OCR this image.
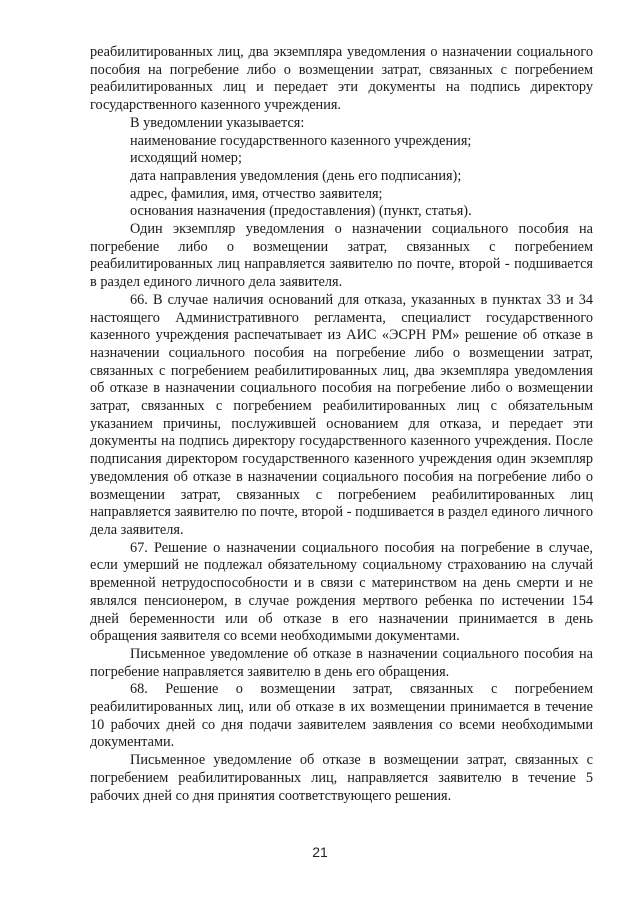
реабилитированных лиц, два экземпляра уведомления о назначении социального пособия на погребение либо о возмещении затрат, связанных с погребением реабилитированных лиц и передает эти документы на подпись директору государственного казенного учреждения.

В уведомлении указывается:

наименование государственного казенного учреждения;

исходящий номер;

дата направления уведомления (день его подписания);

адрес, фамилия, имя, отчество заявителя;

основания назначения (предоставления) (пункт, статья).

Один экземпляр уведомления о назначении социального пособия на погребение либо о возмещении затрат, связанных с погребением реабилитированных лиц направляется заявителю по почте, второй - подшивается в раздел единого личного дела заявителя.

66. В случае наличия оснований для отказа, указанных в пунктах 33 и 34 настоящего Административного регламента, специалист государственного казенного учреждения распечатывает из АИС «ЭСРН РМ» решение об отказе в назначении социального пособия на погребение либо о возмещении затрат, связанных с погребением реабилитированных лиц, два экземпляра уведомления об отказе в назначении социального пособия на погребение либо о возмещении затрат, связанных с погребением реабилитированных лиц с обязательным указанием причины, послужившей основанием для отказа, и передает эти документы на подпись директору государственного казенного учреждения. После подписания директором государственного казенного учреждения один экземпляр уведомления об отказе в назначении социального пособия на погребение либо о возмещении затрат, связанных с погребением реабилитированных лиц направляется заявителю по почте, второй - подшивается в раздел единого личного дела заявителя.

67. Решение о назначении социального пособия на погребение в случае, если умерший не подлежал обязательному социальному страхованию на случай временной нетрудоспособности и в связи с материнством на день смерти и не являлся пенсионером, в случае рождения мертвого ребенка по истечении 154 дней беременности или об отказе в его назначении принимается в день обращения заявителя со всеми необходимыми документами.

Письменное уведомление об отказе в назначении социального пособия на погребение направляется заявителю в день его обращения.

68. Решение о возмещении затрат, связанных с погребением реабилитированных лиц, или об отказе в их возмещении принимается в течение 10 рабочих дней со дня подачи заявителем заявления со всеми необходимыми документами.

Письменное уведомление об отказе в возмещении затрат, связанных с погребением реабилитированных лиц, направляется заявителю в течение 5 рабочих дней со дня принятия соответствующего решения.

21
